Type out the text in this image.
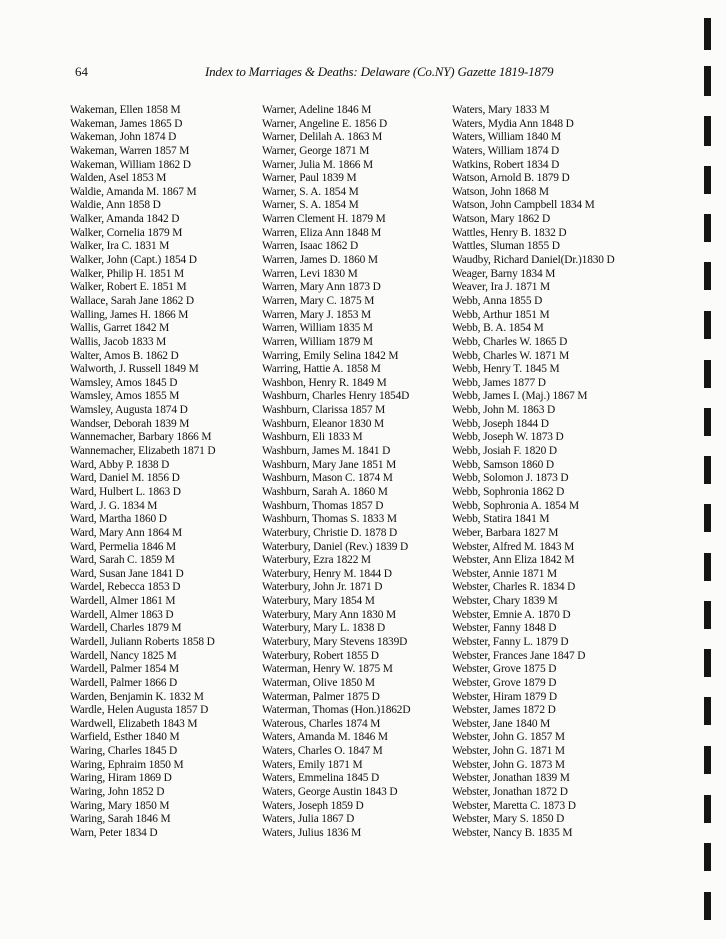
64	Index to Marriages & Deaths: Delaware (Co.NY) Gazette 1819-1879
Wakeman, Ellen 1858 M
Wakeman, James 1865 D
Wakeman, John 1874 D
Wakeman, Warren 1857 M
Wakeman, William 1862 D
Walden, Asel 1853 M
Waldie, Amanda M. 1867 M
Waldie, Ann 1858 D
Walker, Amanda 1842 D
Walker, Cornelia 1879 M
Walker, Ira C. 1831 M
Walker, John (Capt.) 1854 D
Walker, Philip H. 1851 M
Walker, Robert E. 1851 M
Wallace, Sarah Jane 1862 D
Walling, James H. 1866 M
Wallis, Garret 1842 M
Wallis, Jacob 1833 M
Walter, Amos B. 1862 D
Walworth, J. Russell 1849 M
Wamsley, Amos 1845 D
Wamsley, Amos 1855 M
Wamsley, Augusta 1874 D
Wandser, Deborah 1839 M
Wannemacher, Barbary 1866 M
Wannemacher, Elizabeth 1871 D
Ward, Abby P. 1838 D
Ward, Daniel M. 1856 D
Ward, Hulbert L. 1863 D
Ward, J. G. 1834 M
Ward, Martha 1860 D
Ward, Mary Ann 1864 M
Ward, Permelia 1846 M
Ward, Sarah C. 1859 M
Ward, Susan Jane 1841 D
Wardel, Rebecca 1853 D
Wardell, Almer 1861 M
Wardell, Almer 1863 D
Wardell, Charles 1879 M
Wardell, Juliann Roberts 1858 D
Wardell, Nancy 1825 M
Wardell, Palmer 1854 M
Wardell, Palmer 1866 D
Warden, Benjamin K. 1832 M
Wardle, Helen Augusta 1857 D
Wardwell, Elizabeth 1843 M
Warfield, Esther 1840 M
Waring, Charles 1845 D
Waring, Ephraim 1850 M
Waring, Hiram 1869 D
Waring, John 1852 D
Waring, Mary 1850 M
Waring, Sarah 1846 M
Warn, Peter 1834 D
Warner, Adeline 1846 M
Warner, Angeline E. 1856 D
Warner, Delilah A. 1863 M
Warner, George 1871 M
Warner, Julia M. 1866 M
Warner, Paul 1839 M
Warner, S. A. 1854 M
Warner, S. A. 1854 M
Warren Clement H. 1879 M
Warren, Eliza Ann 1848 M
Warren, Isaac 1862 D
Warren, James D. 1860 M
Warren, Levi 1830 M
Warren, Mary Ann 1873 D
Warren, Mary C. 1875 M
Warren, Mary J. 1853 M
Warren, William 1835 M
Warren, William 1879 M
Warring, Emily Selina 1842 M
Warring, Hattie A. 1858 M
Washbon, Henry R. 1849 M
Washburn, Charles Henry 1854D
Washburn, Clarissa 1857 M
Washburn, Eleanor 1830 M
Washburn, Eli 1833 M
Washburn, James M. 1841 D
Washburn, Mary Jane 1851 M
Washburn, Mason C. 1874 M
Washburn, Sarah A. 1860 M
Washburn, Thomas 1857 D
Washburn, Thomas S. 1833 M
Waterbury, Christie D. 1878 D
Waterbury, Daniel (Rev.) 1839 D
Waterbury, Ezra 1822 M
Waterbury, Henry M. 1844 D
Waterbury, John Jr. 1871 D
Waterbury, Mary 1854 M
Waterbury, Mary Ann 1830 M
Waterbury, Mary L. 1838 D
Waterbury, Mary Stevens 1839D
Waterbury, Robert 1855 D
Waterman, Henry W. 1875 M
Waterman, Olive 1850 M
Waterman, Palmer 1875 D
Waterman, Thomas (Hon.)1862D
Waterous, Charles 1874 M
Waters, Amanda M. 1846 M
Waters, Charles O. 1847 M
Waters, Emily 1871 M
Waters, Emmelina 1845 D
Waters, George Austin 1843 D
Waters, Joseph 1859 D
Waters, Julia 1867 D
Waters, Julius 1836 M
Waters, Mary 1833 M
Waters, Mydia Ann 1848 D
Waters, William 1840 M
Waters, William 1874 D
Watkins, Robert 1834 D
Watson, Arnold B. 1879 D
Watson, John 1868 M
Watson, John Campbell 1834 M
Watson, Mary 1862 D
Wattles, Henry B. 1832 D
Wattles, Sluman 1855 D
Waudby, Richard Daniel(Dr.)1830 D
Weager, Barny 1834 M
Weaver, Ira J. 1871 M
Webb, Anna 1855 D
Webb, Arthur 1851 M
Webb, B. A. 1854 M
Webb, Charles W. 1865 D
Webb, Charles W. 1871 M
Webb, Henry T. 1845 M
Webb, James 1877 D
Webb, James I. (Maj.) 1867 M
Webb, John M. 1863 D
Webb, Joseph 1844 D
Webb, Joseph W. 1873 D
Webb, Josiah F. 1820 D
Webb, Samson 1860 D
Webb, Solomon J. 1873 D
Webb, Sophronia 1862 D
Webb, Sophronia A. 1854 M
Webb, Statira 1841 M
Weber, Barbara 1827 M
Webster, Alfred M. 1843 M
Webster, Ann Eliza 1842 M
Webster, Annie 1871 M
Webster, Charles R. 1834 D
Webster, Chary 1839 M
Webster, Emnie A. 1870 D
Webster, Fanny 1848 D
Webster, Fanny L. 1879 D
Webster, Frances Jane 1847 D
Webster, Grove 1875 D
Webster, Grove 1879 D
Webster, Hiram 1879 D
Webster, James 1872 D
Webster, Jane 1840 M
Webster, John G. 1857 M
Webster, John G. 1871 M
Webster, John G. 1873 M
Webster, Jonathan 1839 M
Webster, Jonathan 1872 D
Webster, Maretta C. 1873 D
Webster, Mary S. 1850 D
Webster, Nancy B. 1835 M
